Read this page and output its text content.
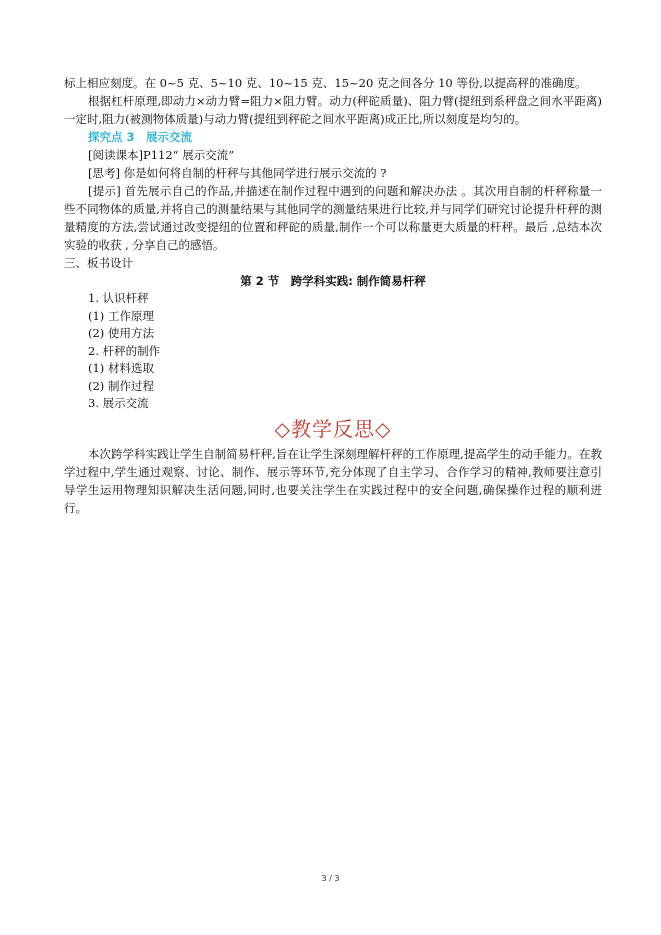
标上相应刻度。在 0~5 克、5~10 克、10~15 克、15~20 克之间各分 10 等份,以提高秤的准确度。

根据杠杆原理,即动力×动力臂=阻力×阻力臂。动力(秤砣质量)、阻力臂(提纽到系秤盘之间水平距离)一定时,阻力(被测物体质量)与动力臂(提纽到秤砣之间水平距离)成正比,所以刻度是均匀的。

探究点 3　展示交流

[阅读课本]P112“ 展示交流”

[思考] 你是如何将自制的杆秤与其他同学进行展示交流的 ?

[提示] 首先展示自己的作品,并描述在制作过程中遇到的问题和解决办法 。其次用自制的杆秤称量一些不同物体的质量,并将自己的测量结果与其他同学的测量结果进行比较,并与同学们研究讨论提升杆秤的测量精度的方法,尝试通过改变提纽的位置和秤砣的质量,制作一个可以称量更大质量的杆秤。最后 ,总结本次实验的收获 , 分享自己的感悟。

三、板书设计

第 2 节　跨学科实践: 制作简易杆秤

1. 认识杆秤

(1) 工作原理

(2) 使用方法

2. 杆秤的制作

(1) 材料选取

(2) 制作过程

3. 展示交流

◇教学反思◇

本次跨学科实践让学生自制简易杆秤,旨在让学生深刻理解杆秤的工作原理,提高学生的动手能力。在教学过程中,学生通过观察、讨论、制作、展示等环节,充分体现了自主学习、合作学习的精神,教师要注意引导学生运用物理知识解决生活问题,同时,也要关注学生在实践过程中的安全问题,确保操作过程的顺利进行。

3 / 3
